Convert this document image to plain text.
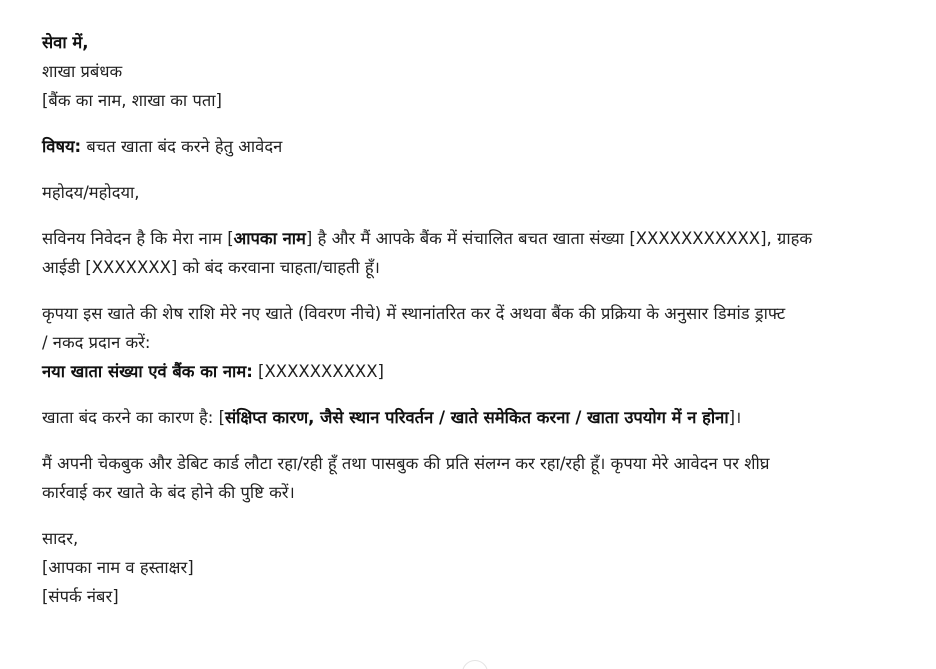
सेवा में,
शाखा प्रबंधक
[बैंक का नाम, शाखा का पता]
विषय: बचत खाता बंद करने हेतु आवेदन
महोदय/महोदया,
सविनय निवेदन है कि मेरा नाम [आपका नाम] है और मैं आपके बैंक में संचालित बचत खाता संख्या [XXXXXXXXXXX], ग्राहक
आईडी [XXXXXXX] को बंद करवाना चाहता/चाहती हूँ।
कृपया इस खाते की शेष राशि मेरे नए खाते (विवरण नीचे) में स्थानांतरित कर दें अथवा बैंक की प्रक्रिया के अनुसार डिमांड ड्राफ्ट
/ नकद प्रदान करें:
नया खाता संख्या एवं बैंक का नाम: [XXXXXXXXXX]
खाता बंद करने का कारण है: [संक्षिप्त कारण, जैसे स्थान परिवर्तन / खाते समेकित करना / खाता उपयोग में न होना]।
मैं अपनी चेकबुक और डेबिट कार्ड लौटा रहा/रही हूँ तथा पासबुक की प्रति संलग्न कर रहा/रही हूँ। कृपया मेरे आवेदन पर शीघ्र
कार्रवाई कर खाते के बंद होने की पुष्टि करें।
सादर,
[आपका नाम व हस्ताक्षर]
[संपर्क नंबर]
